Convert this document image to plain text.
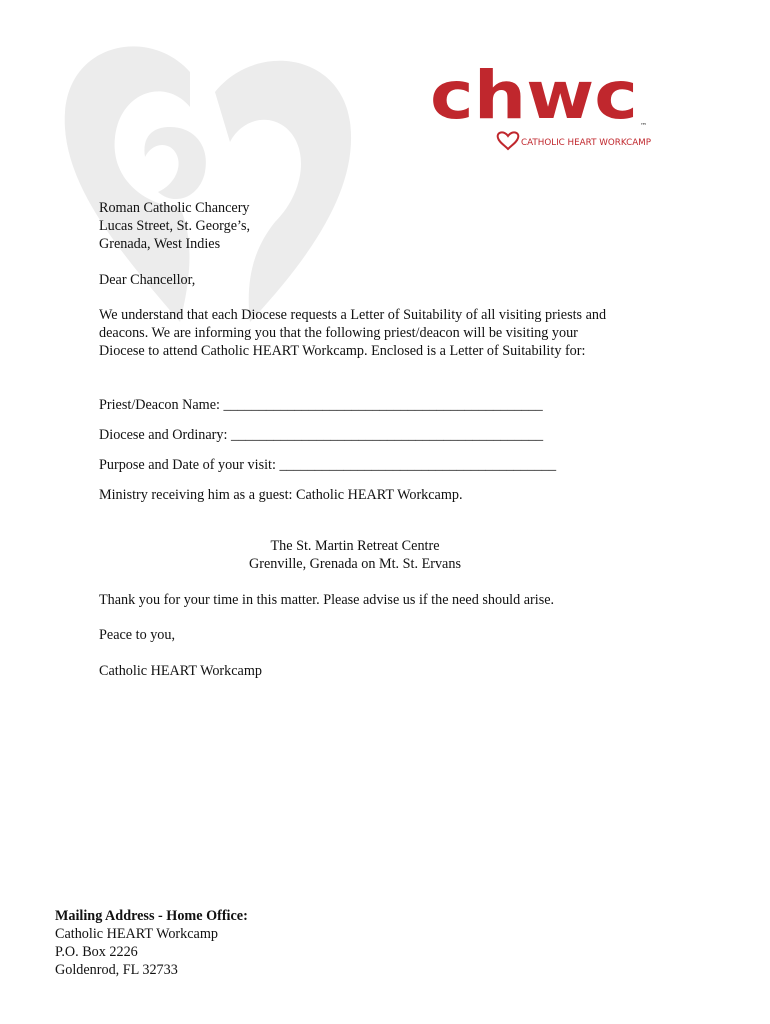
chwc ™
CATHOLIC HEART WORKCAMP

Roman Catholic Chancery

Lucas Street, St. George’s,

Grenada, West Indies

Dear Chancellor,

We understand that each Diocese requests a Letter of Suitability of all visiting priests and

deacons. We are informing you that the following priest/deacon will be visiting your

Diocese to attend Catholic HEART Workcamp. Enclosed is a Letter of Suitability for:

Priest/Deacon Name: _____________________________________________

Diocese and Ordinary: ____________________________________________

Purpose and Date of your visit: _______________________________________

Ministry receiving him as a guest: Catholic HEART Workcamp.

The St. Martin Retreat Centre

Grenville, Grenada on Mt. St. Ervans

Thank you for your time in this matter. Please advise us if the need should arise.

Peace to you,

Catholic HEART Workcamp

Mailing Address - Home Office:

Catholic HEART Workcamp

P.O. Box 2226

Goldenrod, FL 32733
